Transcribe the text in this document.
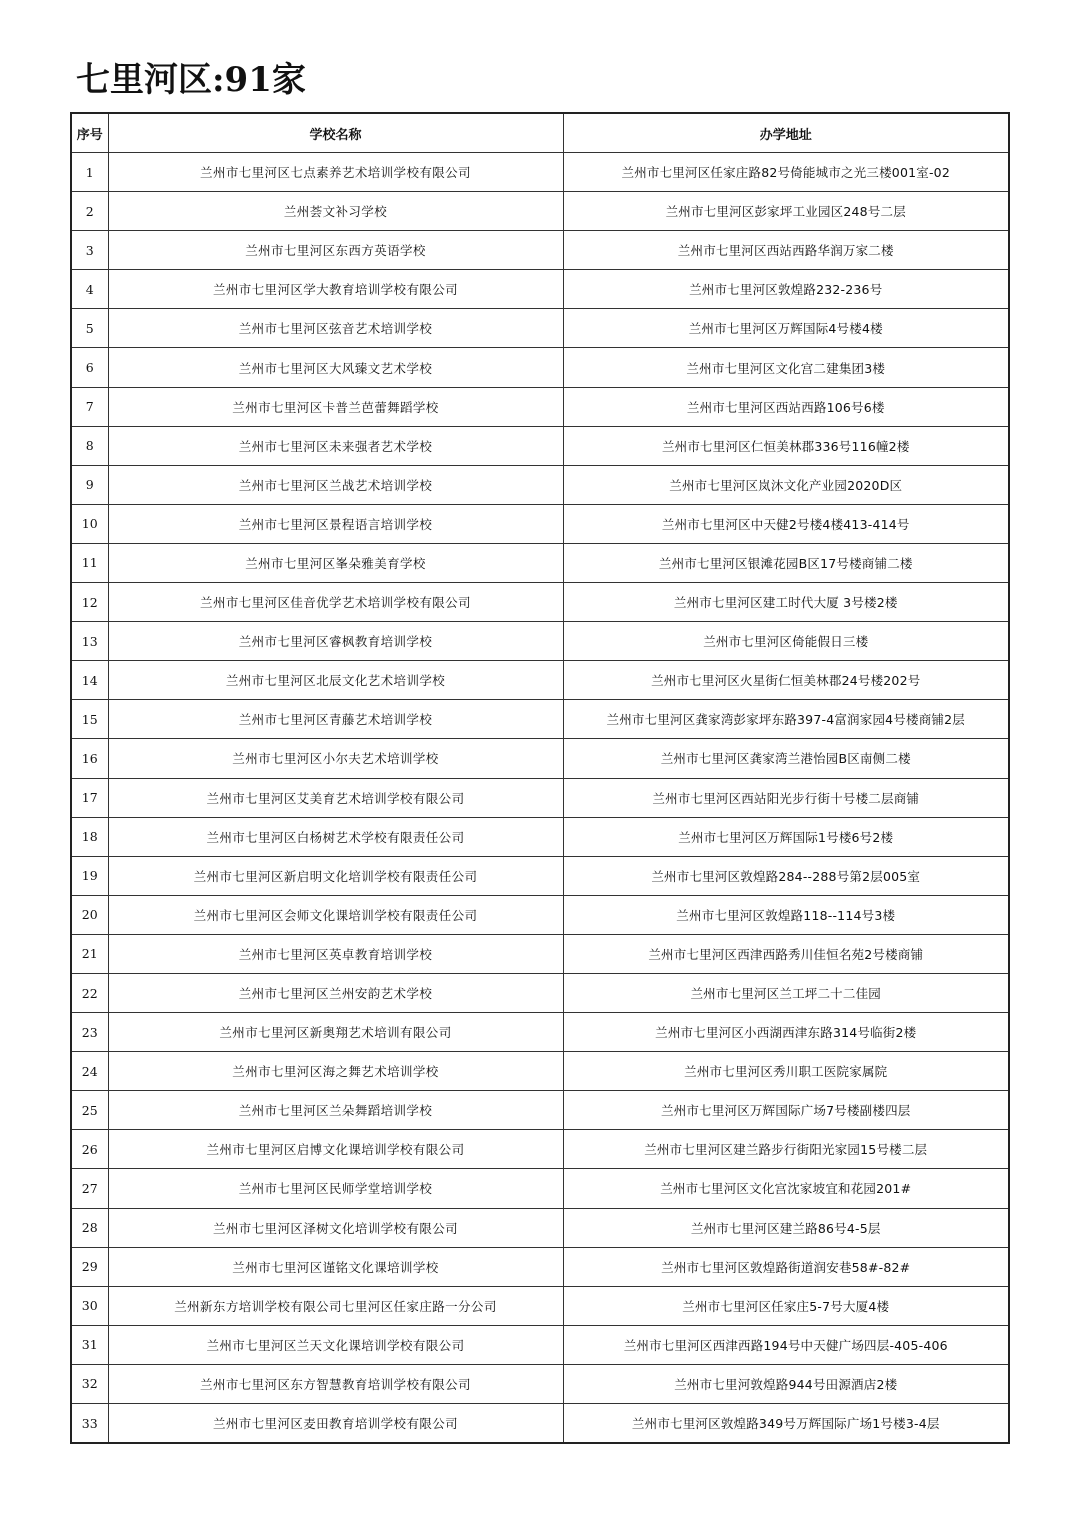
七里河区:91家
序号	学校名称	办学地址
1	兰州市七里河区七点素养艺术培训学校有限公司	兰州市七里河区任家庄路82号倚能城市之光三楼001室-02
2	兰州荟文补习学校	兰州市七里河区彭家坪工业园区248号二层
3	兰州市七里河区东西方英语学校	兰州市七里河区西站西路华润万家二楼
4	兰州市七里河区学大教育培训学校有限公司	兰州市七里河区敦煌路232-236号
5	兰州市七里河区弦音艺术培训学校	兰州市七里河区万辉国际4号楼4楼
6	兰州市七里河区大风臻文艺术学校	兰州市七里河区文化宫二建集团3楼
7	兰州市七里河区卡普兰芭蕾舞蹈学校	兰州市七里河区西站西路106号6楼
8	兰州市七里河区未来强者艺术学校	兰州市七里河区仁恒美林郡336号116幢2楼
9	兰州市七里河区兰战艺术培训学校	兰州市七里河区岚沐文化产业园2020D区
10	兰州市七里河区景程语言培训学校	兰州市七里河区中天健2号楼4楼413-414号
11	兰州市七里河区峯朵雅美育学校	兰州市七里河区银滩花园B区17号楼商铺二楼
12	兰州市七里河区佳音优学艺术培训学校有限公司	兰州市七里河区建工时代大厦 3号楼2楼
13	兰州市七里河区睿枫教育培训学校	兰州市七里河区倚能假日三楼
14	兰州市七里河区北辰文化艺术培训学校	兰州市七里河区火星街仁恒美林郡24号楼202号
15	兰州市七里河区青藤艺术培训学校	兰州市七里河区龚家湾彭家坪东路397-4富润家园4号楼商铺2层
16	兰州市七里河区小尔夫艺术培训学校	兰州市七里河区龚家湾兰港怡园B区南侧二楼
17	兰州市七里河区艾美育艺术培训学校有限公司	兰州市七里河区西站阳光步行街十号楼二层商铺
18	兰州市七里河区白杨树艺术学校有限责任公司	兰州市七里河区万辉国际1号楼6号2楼
19	兰州市七里河区新启明文化培训学校有限责任公司	兰州市七里河区敦煌路284--288号第2层005室
20	兰州市七里河区会师文化课培训学校有限责任公司	兰州市七里河区敦煌路118--114号3楼
21	兰州市七里河区英卓教育培训学校	兰州市七里河区西津西路秀川佳恒名苑2号楼商铺
22	兰州市七里河区兰州安韵艺术学校	兰州市七里河区兰工坪二十二佳园
23	兰州市七里河区新奥翔艺术培训有限公司	兰州市七里河区小西湖西津东路314号临街2楼
24	兰州市七里河区海之舞艺术培训学校	兰州市七里河区秀川职工医院家属院
25	兰州市七里河区兰朵舞蹈培训学校	兰州市七里河区万辉国际广场7号楼副楼四层
26	兰州市七里河区启博文化课培训学校有限公司	兰州市七里河区建兰路步行街阳光家园15号楼二层
27	兰州市七里河区民师学堂培训学校	兰州市七里河区文化宫沈家坡宜和花园201#
28	兰州市七里河区泽树文化培训学校有限公司	兰州市七里河区建兰路86号4-5层
29	兰州市七里河区谨铭文化课培训学校	兰州市七里河区敦煌路街道润安巷58#-82#
30	兰州新东方培训学校有限公司七里河区任家庄路一分公司	兰州市七里河区任家庄5-7号大厦4楼
31	兰州市七里河区兰天文化课培训学校有限公司	兰州市七里河区西津西路194号中天健广场四层-405-406
32	兰州市七里河区东方智慧教育培训学校有限公司	兰州市七里河敦煌路944号田源酒店2楼
33	兰州市七里河区麦田教育培训学校有限公司	兰州市七里河区敦煌路349号万辉国际广场1号楼3-4层
